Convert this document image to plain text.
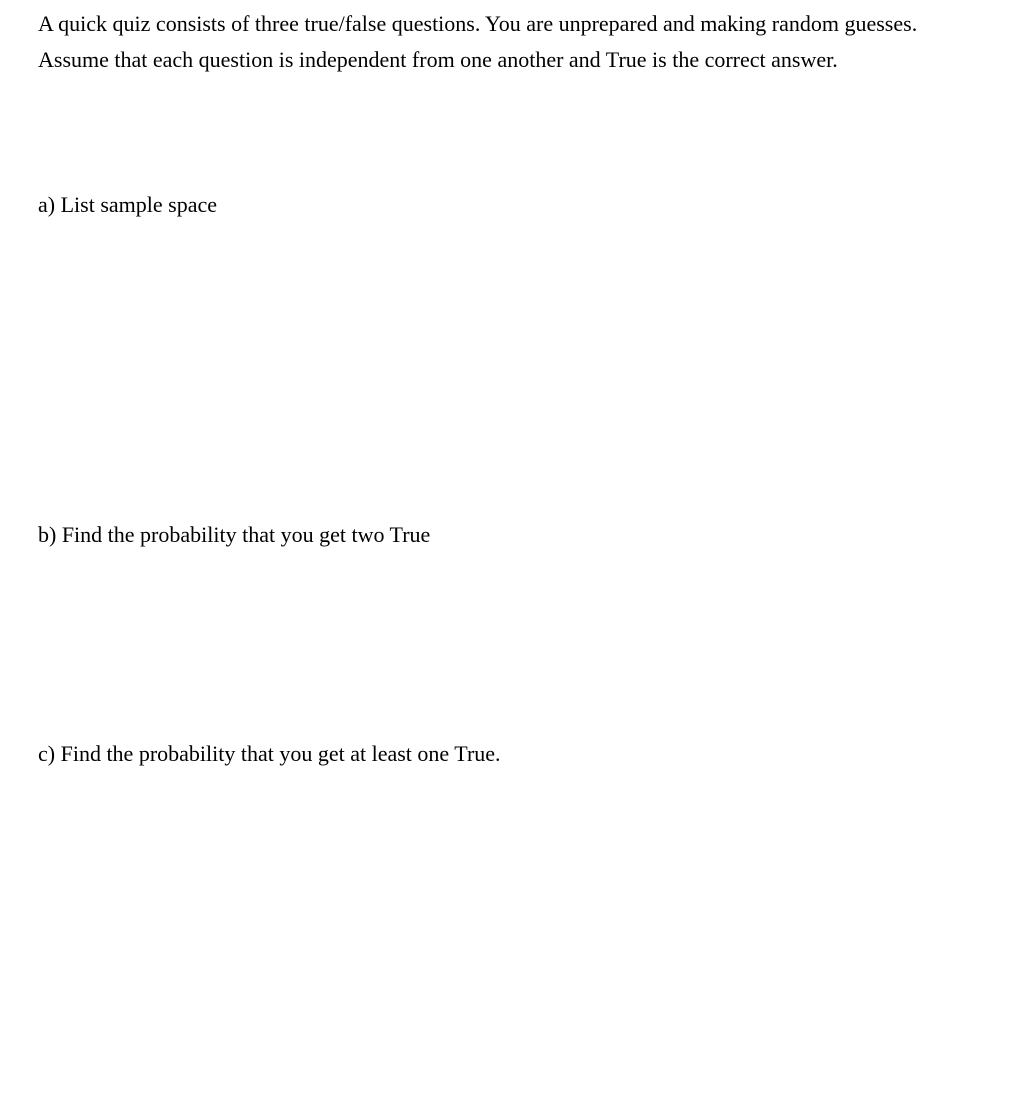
A quick quiz consists of three true/false questions. You are unprepared and making random guesses. Assume that each question is independent from one another and True is the correct answer.

a) List sample space

b) Find the probability that you get two True

c) Find the probability that you get at least one True.
